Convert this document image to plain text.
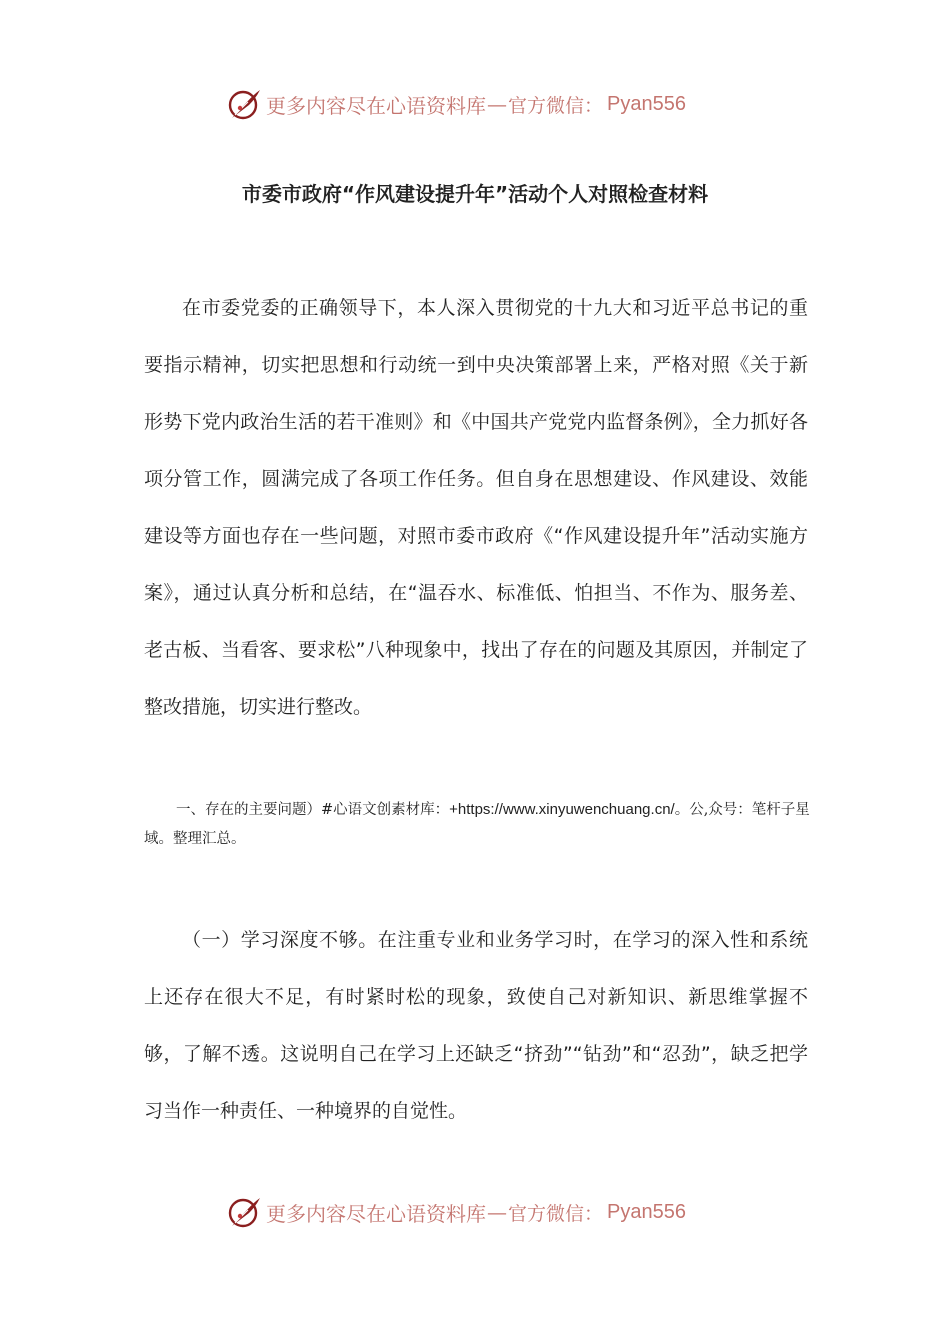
更多内容尽在心语资料库 — 官方微信： Pyan556
市委市政府“作风建设提升年”活动个人对照检查材料

在市委党委的正确领导下，本人深入贯彻党的十九大和习近平总书记的重要指示精神，切实把思想和行动统一到中央决策部署上来，严格对照《关于新形势下党内政治生活的若干准则》和《中国共产党党内监督条例》，全力抓好各项分管工作，圆满完成了各项工作任务。但自身在思想建设、作风建设、效能建设等方面也存在一些问题，对照市委市政府《“作风建设提升年”活动实施方案》，通过认真分析和总结，在“温吞水、标准低、怕担当、不作为、服务差、老古板、当看客、要求松”八种现象中，找出了存在的问题及其原因，并制定了整改措施，切实进行整改。

一、存在的主要问题）#心语文创素材库：+https://www.xinyuwenchuang.cn/。公,众号：笔杆子星域。整理汇总。

（一）学习深度不够。在注重专业和业务学习时，在学习的深入性和系统上还存在很大不足，有时紧时松的现象，致使自己对新知识、新思维掌握不够，了解不透。这说明自己在学习上还缺乏“挤劲”“钻劲”和“忍劲”，缺乏把学习当作一种责任、一种境界的自觉性。

更多内容尽在心语资料库 — 官方微信： Pyan556
